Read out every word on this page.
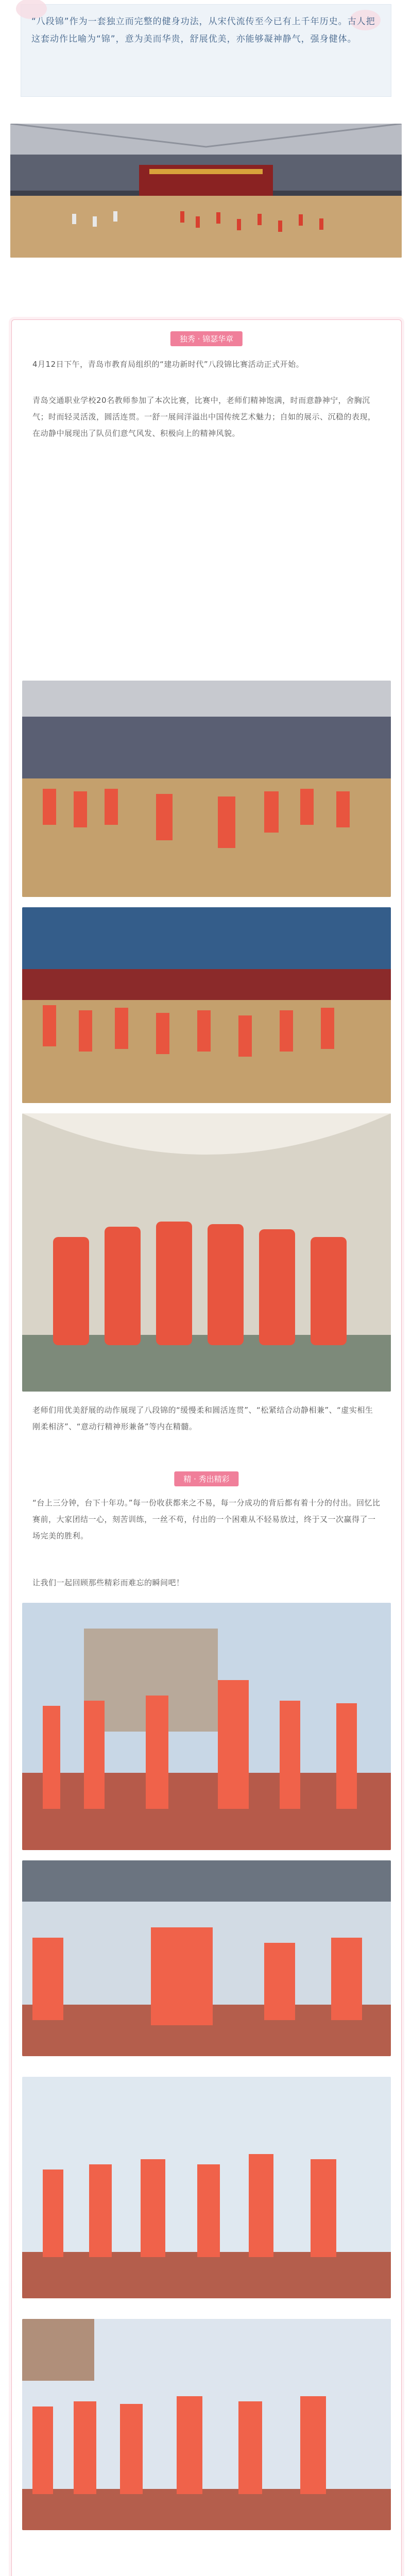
“八段锦”作为一套独立而完整的健身功法，从宋代流传至今已有上千年历史。古人把这套动作比喻为“锦”，意为美而华贵，舒展优美，亦能够凝神静气，强身健体。
独秀 · 锦瑟华章
4月12日下午，青岛市教育局组织的“建功新时代”八段锦比赛活动正式开始。
青岛交通职业学校20名教师参加了本次比赛，比赛中，老师们精神饱满，时而意静神宁，舍胸沉气；时而轻灵活泼，圆活连贯。一舒一展间洋溢出中国传统艺术魅力；自如的展示、沉稳的表现，在动静中展现出了队员们意气风发、积极向上的精神风貌。
老师们用优美舒展的动作展现了八段锦的“缓慢柔和圆活连贯”、“松紧结合动静相兼”、“虚实相生刚柔相济”、“意动行精神形兼备”等内在精髓。
精 · 秀出精彩
“台上三分钟，台下十年功。”每一份收获都来之不易，每一分成功的背后都有着十分的付出。回忆比赛前，大家团结一心，刻苦训练，一丝不苟，付出的一个困难从不轻易放过，终于又一次赢得了一场完美的胜利。
让我们一起回顾那些精彩而难忘的瞬间吧！
